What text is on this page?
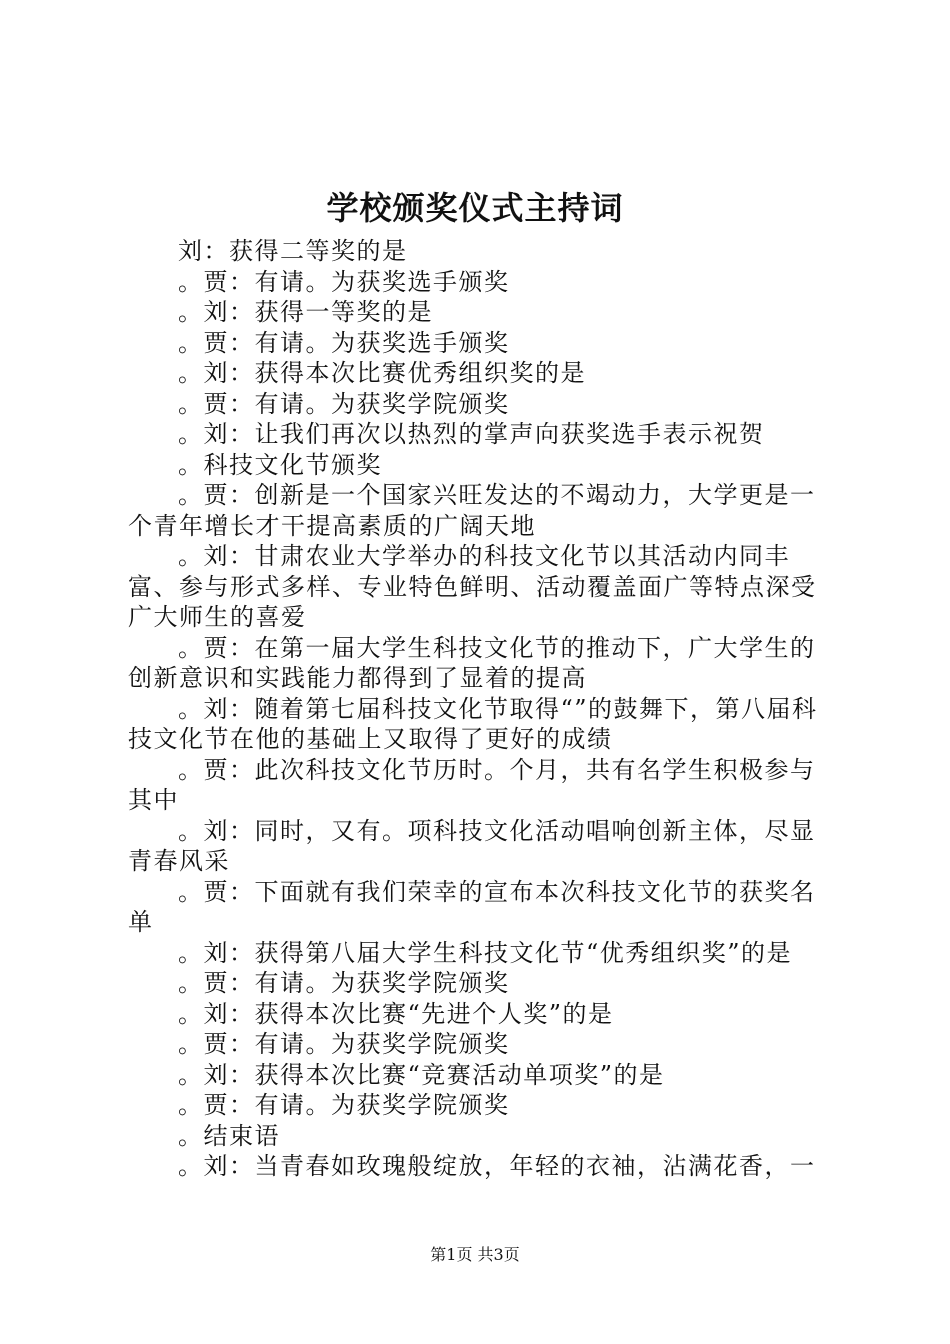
学校颁奖仪式主持词

刘：获得二等奖的是

。贾：有请。为获奖选手颁奖

。刘：获得一等奖的是

。贾：有请。为获奖选手颁奖

。刘：获得本次比赛优秀组织奖的是

。贾：有请。为获奖学院颁奖

。刘：让我们再次以热烈的掌声向获奖选手表示祝贺

。科技文化节颁奖

。贾：创新是一个国家兴旺发达的不竭动力，大学更是一个青年增长才干提高素质的广阔天地

。刘：甘肃农业大学举办的科技文化节以其活动内同丰富、参与形式多样、专业特色鲜明、活动覆盖面广等特点深受广大师生的喜爱

。贾：在第一届大学生科技文化节的推动下，广大学生的创新意识和实践能力都得到了显着的提高

。刘：随着第七届科技文化节取得“”的鼓舞下，第八届科技文化节在他的基础上又取得了更好的成绩

。贾：此次科技文化节历时。个月，共有名学生积极参与其中

。刘：同时，又有。项科技文化活动唱响创新主体，尽显青春风采

。贾：下面就有我们荣幸的宣布本次科技文化节的获奖名单

。刘：获得第八届大学生科技文化节“优秀组织奖”的是

。贾：有请。为获奖学院颁奖

。刘：获得本次比赛“先进个人奖”的是

。贾：有请。为获奖学院颁奖

。刘：获得本次比赛“竞赛活动单项奖”的是

。贾：有请。为获奖学院颁奖

。结束语

。刘：当青春如玫瑰般绽放，年轻的衣袖，沾满花香，一

第1页 共3页
